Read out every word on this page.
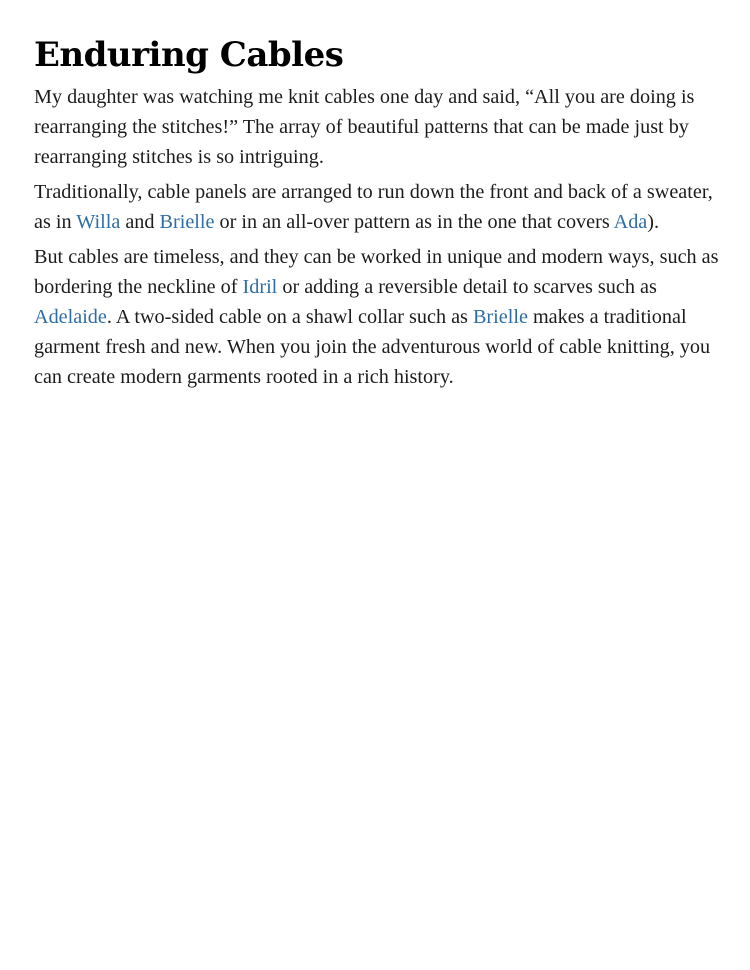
Enduring Cables

My daughter was watching me knit cables one day and said, “All you are doing is rearranging the stitches!” The array of beautiful patterns that can be made just by rearranging stitches is so intriguing.

Traditionally, cable panels are arranged to run down the front and back of a sweater, as in Willa and Brielle or in an all-over pattern as in the one that covers Ada).

But cables are timeless, and they can be worked in unique and modern ways, such as bordering the neckline of Idril or adding a reversible detail to scarves such as Adelaide. A two-sided cable on a shawl collar such as Brielle makes a traditional garment fresh and new. When you join the adventurous world of cable knitting, you can create modern garments rooted in a rich history.
